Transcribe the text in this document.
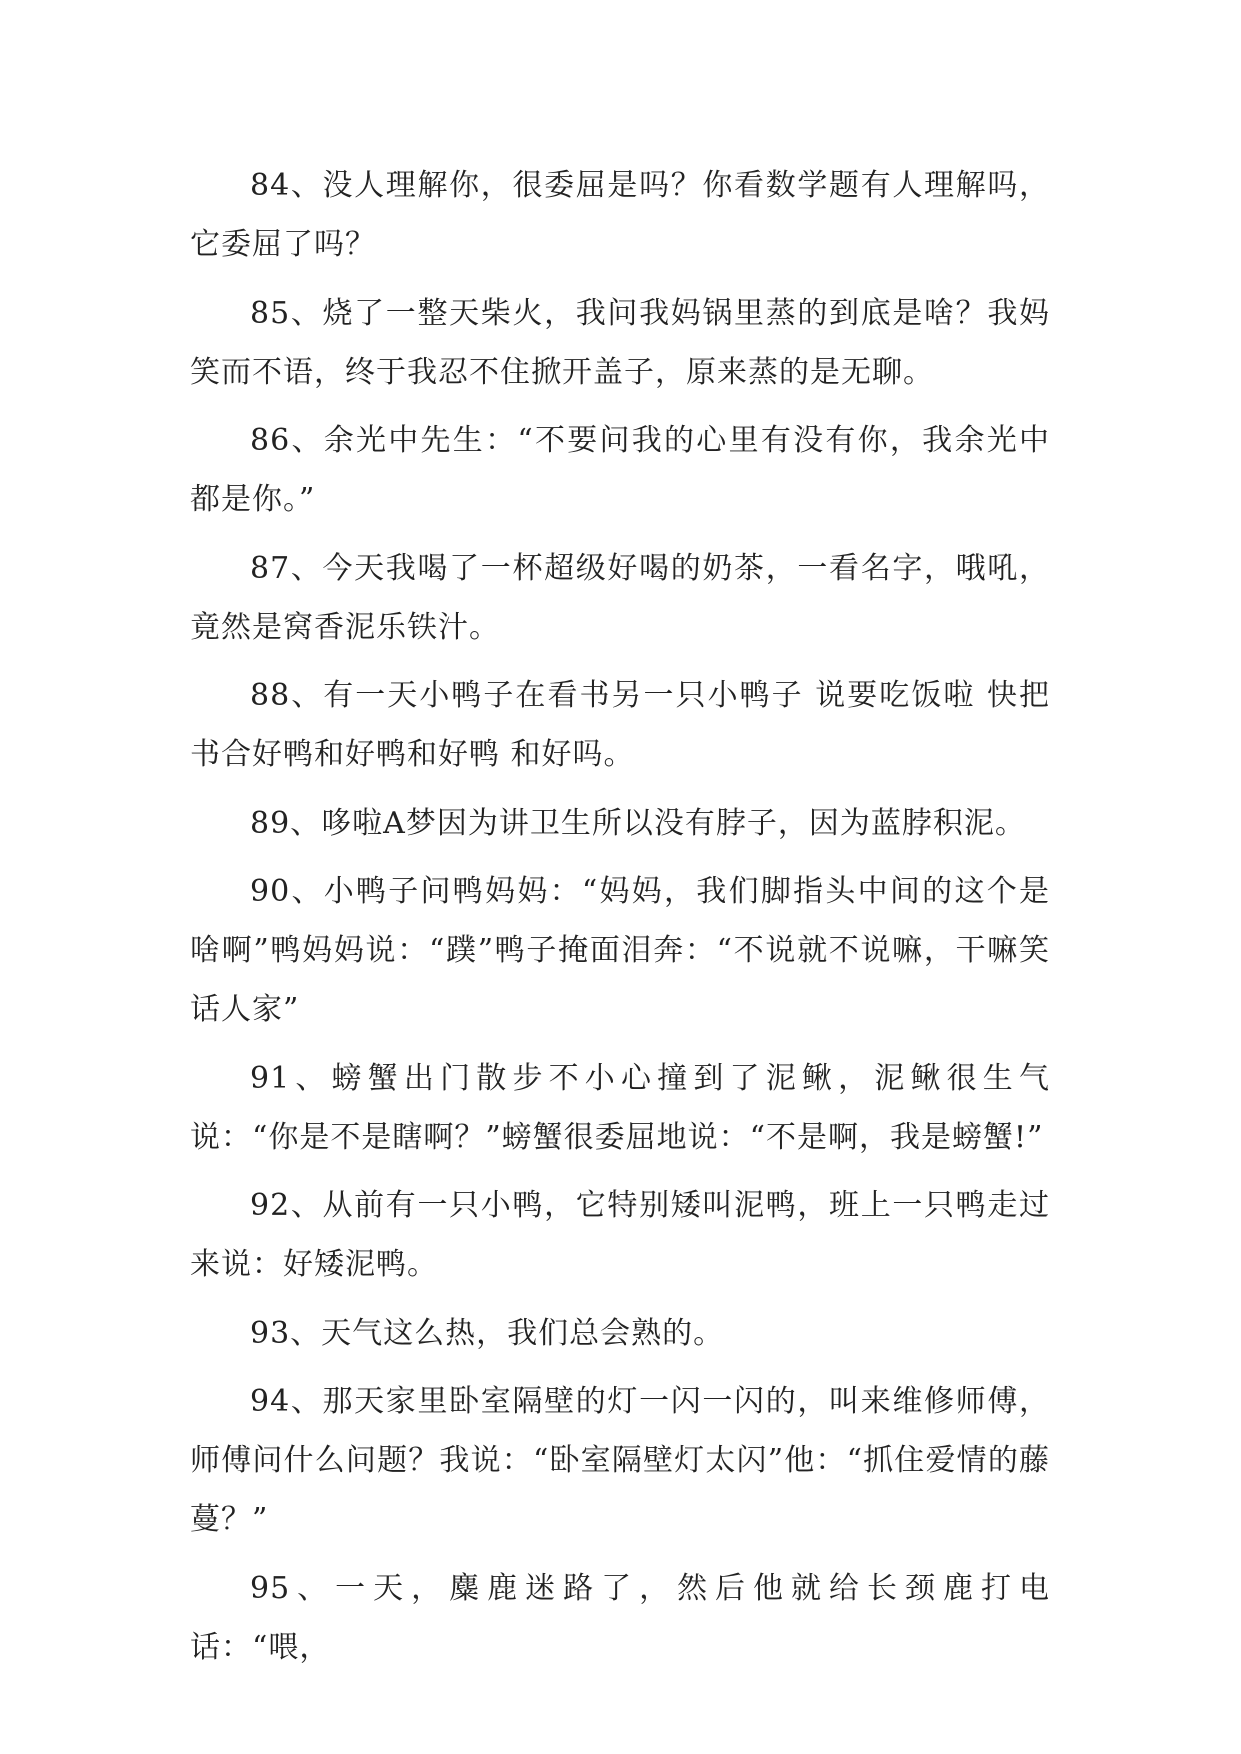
84、没人理解你，很委屈是吗？你看数学题有人理解吗，它委屈了吗？

85、烧了一整天柴火，我问我妈锅里蒸的到底是啥？我妈笑而不语，终于我忍不住掀开盖子，原来蒸的是无聊。

86、余光中先生：“不要问我的心里有没有你，我余光中都是你。”

87、今天我喝了一杯超级好喝的奶茶，一看名字，哦吼，竟然是窝香泥乐铁汁。

88、有一天小鸭子在看书另一只小鸭子 说要吃饭啦 快把书合好鸭和好鸭和好鸭 和好吗。

89、哆啦A梦因为讲卫生所以没有脖子，因为蓝脖积泥。

90、小鸭子问鸭妈妈：“妈妈，我们脚指头中间的这个是啥啊”鸭妈妈说：“蹼”鸭子掩面泪奔：“不说就不说嘛，干嘛笑话人家”

91、螃蟹出门散步不小心撞到了泥鳅，泥鳅很生气说：“你是不是瞎啊？”螃蟹很委屈地说：“不是啊，我是螃蟹!”

92、从前有一只小鸭，它特别矮叫泥鸭，班上一只鸭走过来说：好矮泥鸭。

93、天气这么热，我们总会熟的。

94、那天家里卧室隔壁的灯一闪一闪的，叫来维修师傅，师傅问什么问题？我说：“卧室隔壁灯太闪”他：“抓住爱情的藤蔓？”

95、一天，麋鹿迷路了，然后他就给长颈鹿打电话：“喂，
